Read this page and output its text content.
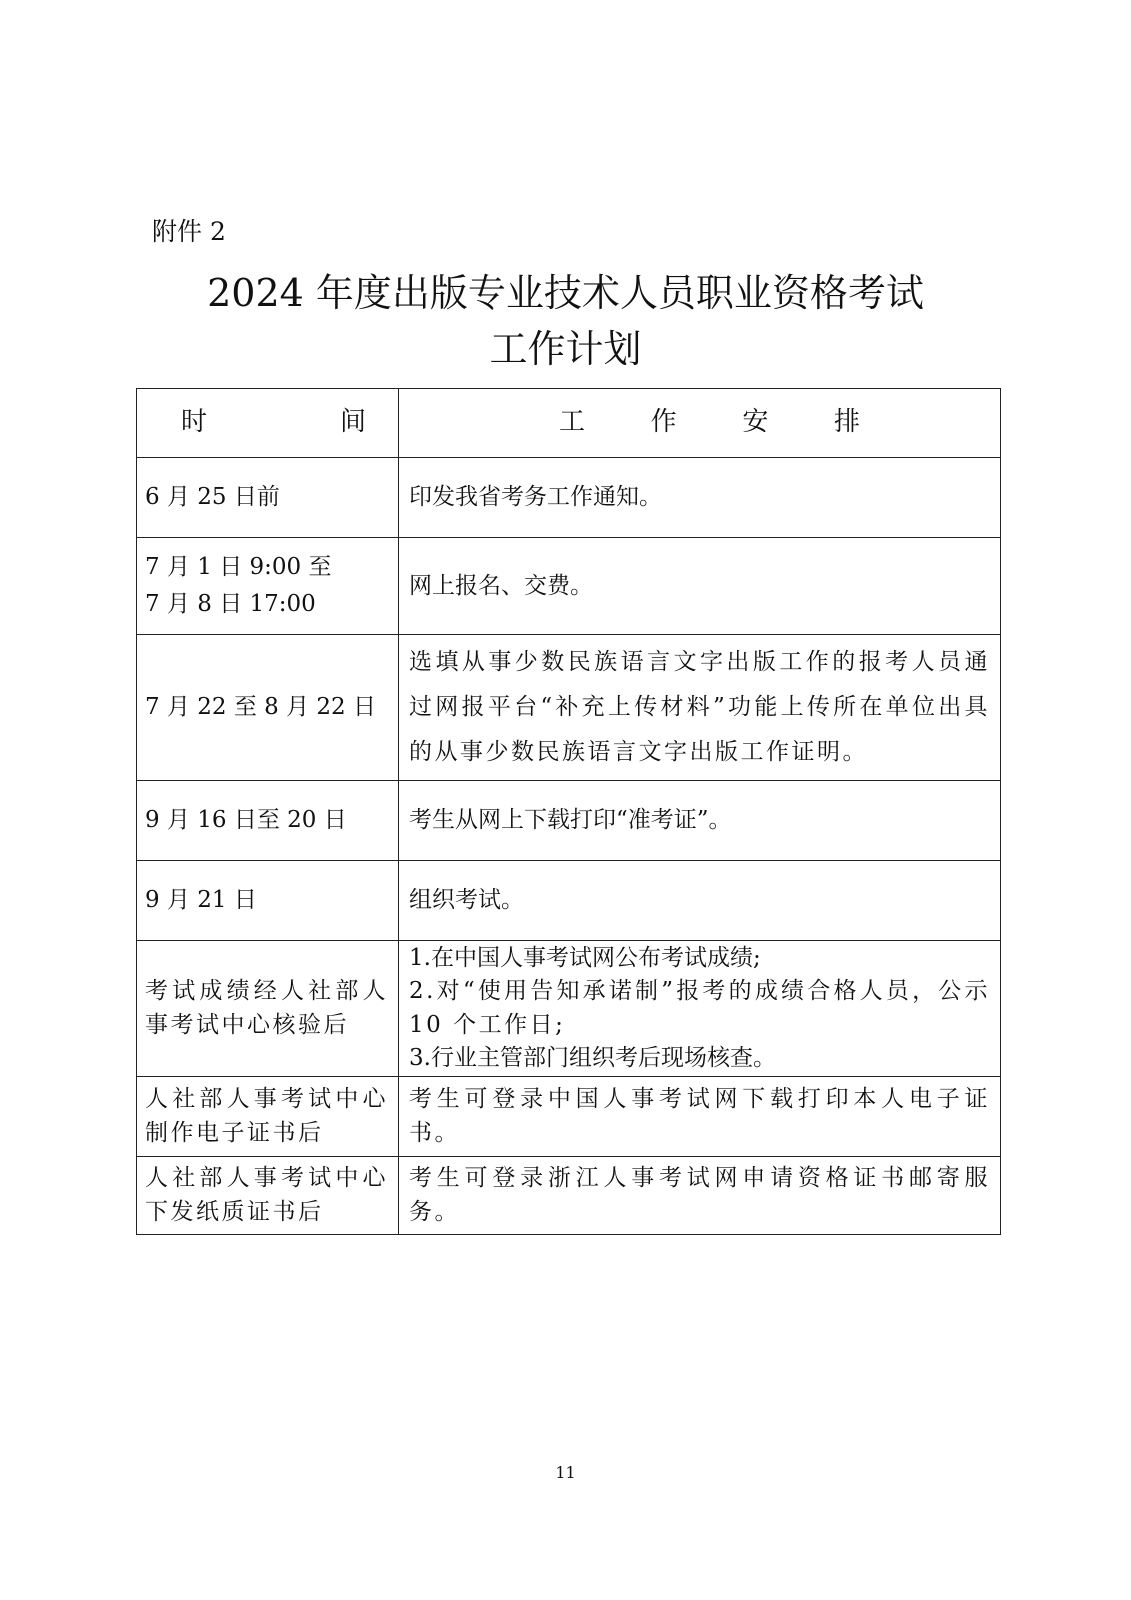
附件 2
2024 年度出版专业技术人员职业资格考试
工作计划
时 间	工 作 安 排

6 月 25 日前	印发我省考务工作通知。

7 月 1 日 9:00 至
7 月 8 日 17:00	网上报名、交费。
7 月 22 至 8 月 22 日	选填从事少数民族语言文字出版工作的报考人员通过网报平台“补充上传材料”功能上传所在单位出具的从事少数民族语言文字出版工作证明。
9 月 16 日至 20 日	考生从网上下载打印“准考证”。
9 月 21 日	组织考试。
考试成绩经人社部人事考试中心核验后	1.在中国人事考试网公布考试成绩;
2.对“使用告知承诺制”报考的成绩合格人员，公示 10 个工作日;
3.行业主管部门组织考后现场核查。

人社部人事考试中心制作电子证书后	考生可登录中国人事考试网下载打印本人电子证书。
人社部人事考试中心下发纸质证书后	考生可登录浙江人事考试网申请资格证书邮寄服务。
11
